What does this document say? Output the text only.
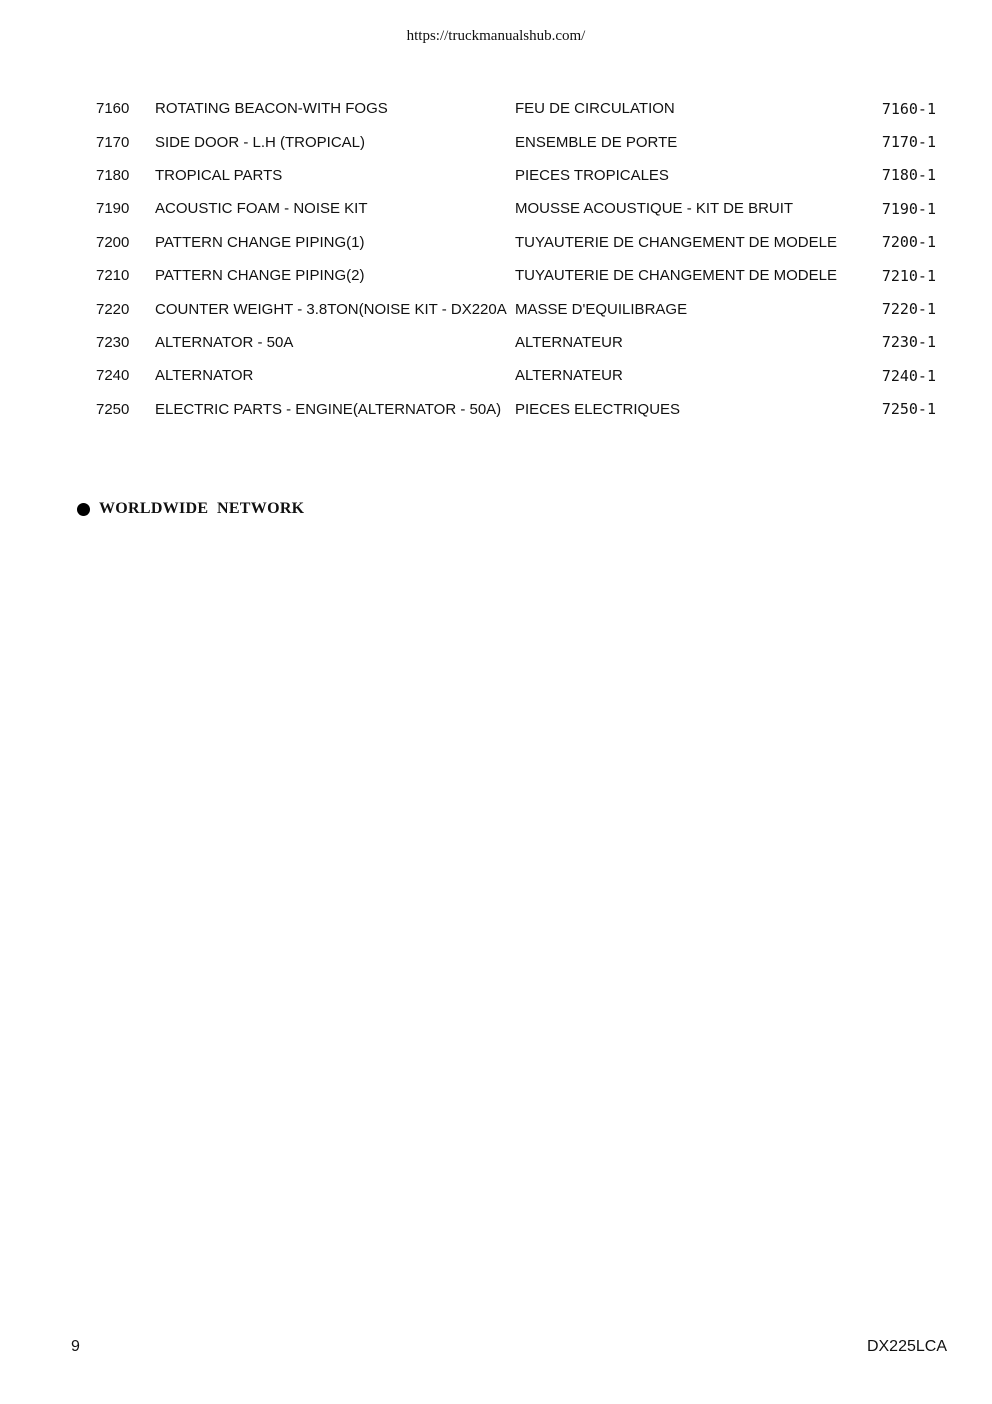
https://truckmanualshub.com/
7160	ROTATING BEACON-WITH FOGS	FEU DE CIRCULATION	7160-1
7170	SIDE DOOR - L.H (TROPICAL)	ENSEMBLE DE PORTE	7170-1
7180	TROPICAL PARTS	PIECES TROPICALES	7180-1
7190	ACOUSTIC FOAM - NOISE KIT	MOUSSE ACOUSTIQUE - KIT DE BRUIT	7190-1
7200	PATTERN CHANGE PIPING(1)	TUYAUTERIE DE CHANGEMENT DE MODELE	7200-1
7210	PATTERN CHANGE PIPING(2)	TUYAUTERIE DE CHANGEMENT DE MODELE	7210-1
7220	COUNTER WEIGHT - 3.8TON(NOISE KIT - DX220A	MASSE D'EQUILIBRAGE	7220-1
7230	ALTERNATOR - 50A	ALTERNATEUR	7230-1
7240	ALTERNATOR	ALTERNATEUR	7240-1
7250	ELECTRIC PARTS - ENGINE(ALTERNATOR - 50A)	PIECES ELECTRIQUES	7250-1
WORLDWIDE  NETWORK
9	DX225LCA
